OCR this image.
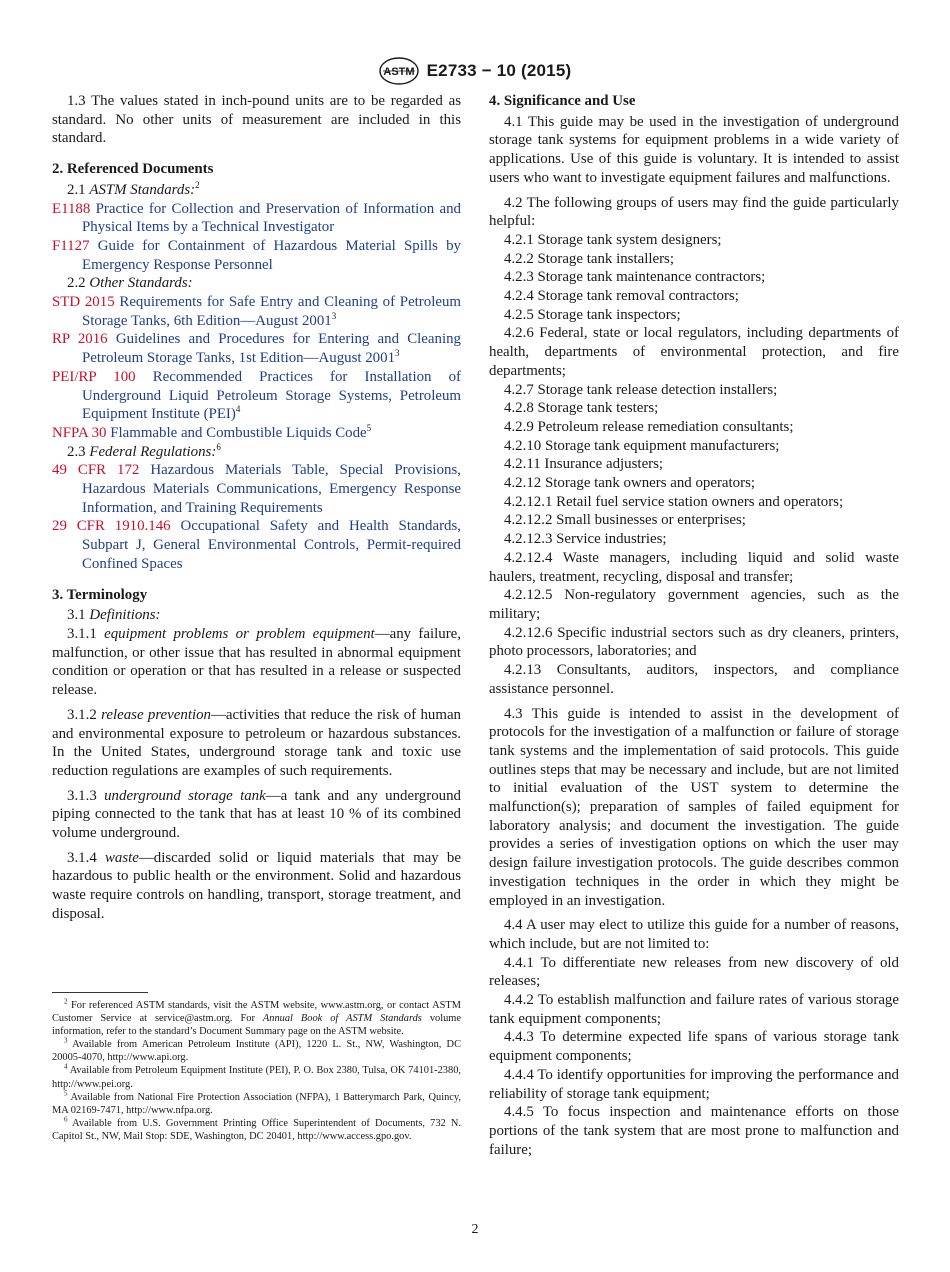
ASTM E2733 − 10 (2015)

1.3 The values stated in inch-pound units are to be regarded as standard. No other units of measurement are included in this standard.

2. Referenced Documents

2.1 ASTM Standards:$^2$

E1188 Practice for Collection and Preservation of Information and Physical Items by a Technical Investigator

F1127 Guide for Containment of Hazardous Material Spills by Emergency Response Personnel

2.2 Other Standards:

STD 2015 Requirements for Safe Entry and Cleaning of Petroleum Storage Tanks, 6th Edition—August 2001$^3$

RP 2016 Guidelines and Procedures for Entering and Cleaning Petroleum Storage Tanks, 1st Edition—August 2001$^3$

PEI/RP 100 Recommended Practices for Installation of Underground Liquid Petroleum Storage Systems, Petroleum Equipment Institute (PEI)$^4$

NFPA 30 Flammable and Combustible Liquids Code$^5$

2.3 Federal Regulations:$^6$

49 CFR 172 Hazardous Materials Table, Special Provisions, Hazardous Materials Communications, Emergency Response Information, and Training Requirements

29 CFR 1910.146 Occupational Safety and Health Standards, Subpart J, General Environmental Controls, Permit-required Confined Spaces

3. Terminology

3.1 Definitions:

3.1.1 equipment problems or problem equipment—any failure, malfunction, or other issue that has resulted in abnormal equipment condition or operation or that has resulted in a release or suspected release.

3.1.2 release prevention—activities that reduce the risk of human and environmental exposure to petroleum or hazardous substances. In the United States, underground storage tank and toxic use reduction regulations are examples of such requirements.

3.1.3 underground storage tank—a tank and any underground piping connected to the tank that has at least 10 % of its combined volume underground.

3.1.4 waste—discarded solid or liquid materials that may be hazardous to public health or the environment. Solid and hazardous waste require controls on handling, transport, storage treatment, and disposal.

$^2$ For referenced ASTM standards, visit the ASTM website, www.astm.org, or contact ASTM Customer Service at service@astm.org. For Annual Book of ASTM Standards volume information, refer to the standard’s Document Summary page on the ASTM website.

$^3$ Available from American Petroleum Institute (API), 1220 L. St., NW, Washington, DC 20005-4070, http://www.api.org.

$^4$ Available from Petroleum Equipment Institute (PEI), P. O. Box 2380, Tulsa, OK 74101-2380, http://www.pei.org.

$^5$ Available from National Fire Protection Association (NFPA), 1 Batterymarch Park, Quincy, MA 02169-7471, http://www.nfpa.org.

$^6$ Available from U.S. Government Printing Office Superintendent of Documents, 732 N. Capitol St., NW, Mail Stop: SDE, Washington, DC 20401, http://www.access.gpo.gov.

4. Significance and Use

4.1 This guide may be used in the investigation of underground storage tank systems for equipment problems in a wide variety of applications. Use of this guide is voluntary. It is intended to assist users who want to investigate equipment failures and malfunctions.

4.2 The following groups of users may find the guide particularly helpful:

4.2.1 Storage tank system designers;

4.2.2 Storage tank installers;

4.2.3 Storage tank maintenance contractors;

4.2.4 Storage tank removal contractors;

4.2.5 Storage tank inspectors;

4.2.6 Federal, state or local regulators, including departments of health, departments of environmental protection, and fire departments;

4.2.7 Storage tank release detection installers;

4.2.8 Storage tank testers;

4.2.9 Petroleum release remediation consultants;

4.2.10 Storage tank equipment manufacturers;

4.2.11 Insurance adjusters;

4.2.12 Storage tank owners and operators;

4.2.12.1 Retail fuel service station owners and operators;

4.2.12.2 Small businesses or enterprises;

4.2.12.3 Service industries;

4.2.12.4 Waste managers, including liquid and solid waste haulers, treatment, recycling, disposal and transfer;

4.2.12.5 Non-regulatory government agencies, such as the military;

4.2.12.6 Specific industrial sectors such as dry cleaners, printers, photo processors, laboratories; and

4.2.13 Consultants, auditors, inspectors, and compliance assistance personnel.

4.3 This guide is intended to assist in the development of protocols for the investigation of a malfunction or failure of storage tank systems and the implementation of said protocols. This guide outlines steps that may be necessary and include, but are not limited to initial evaluation of the UST system to determine the malfunction(s); preparation of samples of failed equipment for laboratory analysis; and document the investigation. The guide provides a series of investigation options on which the user may design failure investigation protocols. The guide describes common investigation techniques in the order in which they might be employed in an investigation.

4.4 A user may elect to utilize this guide for a number of reasons, which include, but are not limited to:

4.4.1 To differentiate new releases from new discovery of old releases;

4.4.2 To establish malfunction and failure rates of various storage tank equipment components;

4.4.3 To determine expected life spans of various storage tank equipment components;

4.4.4 To identify opportunities for improving the performance and reliability of storage tank equipment;

4.4.5 To focus inspection and maintenance efforts on those portions of the tank system that are most prone to malfunction and failure;

2
